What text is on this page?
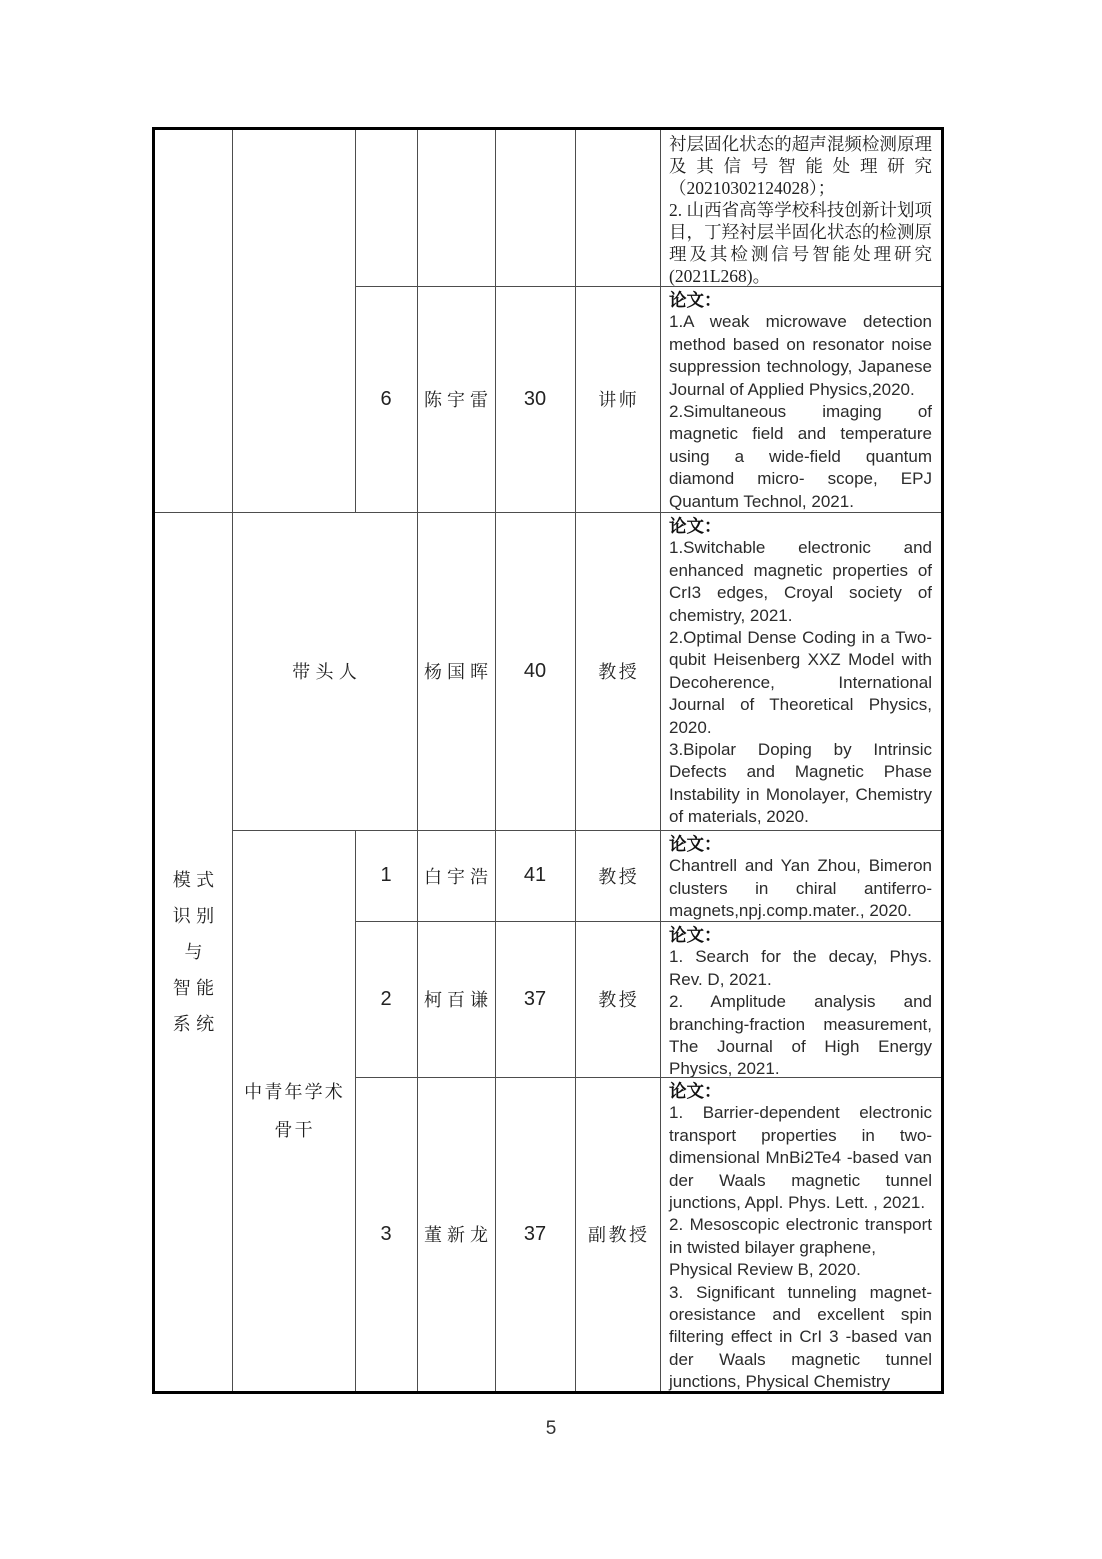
衬层固化状态的超声混频检测原理及其信号智能处理研究（20210302124028）；
2. 山西省高等学校科技创新计划项目，丁羟衬层半固化状态的检测原理及其检测信号智能处理研究(2021L268)。
6	陈宇雷	30	讲师
论文：
1.A weak microwave detection method based on resonator noise suppression technology, Japanese Journal of Applied Physics,2020.
2.Simultaneous imaging of magnetic field and temperature using a wide-field quantum diamond micro- scope, EPJ Quantum Technol, 2021.
模式
识别
与
智能
系统
带头人	杨国晖	40	教授
论文：
1.Switchable electronic and enhanced magnetic properties of CrI3 edges, Croyal society of chemistry, 2021.
2.Optimal Dense Coding in a Two-qubit Heisenberg XXZ Model with Decoherence, International Journal of Theoretical Physics, 2020.
3.Bipolar Doping by Intrinsic Defects and Magnetic Phase Instability in Monolayer, Chemistry of materials, 2020.
中青年学术
骨干
1	白宇浩	41	教授
论文：
Chantrell and Yan Zhou, Bimeron clusters in chiral antiferro-magnets,npj.comp.mater., 2020.
2	柯百谦	37	教授
论文：
1. Search for the decay, Phys. Rev. D, 2021.
2. Amplitude analysis and branching-fraction measurement, The Journal of High Energy Physics, 2021.
3	董新龙	37	副教授
论文：
1. Barrier-dependent electronic transport properties in two-dimensional MnBi2Te4 -based van der Waals magnetic tunnel junctions, Appl. Phys. Lett. , 2021.
2. Mesoscopic electronic transport in twisted bilayer graphene,
Physical Review B, 2020.
3. Significant tunneling magnet-oresistance and excellent spin filtering effect in CrI 3 -based van der Waals magnetic tunnel junctions, Physical Chemistry
5
